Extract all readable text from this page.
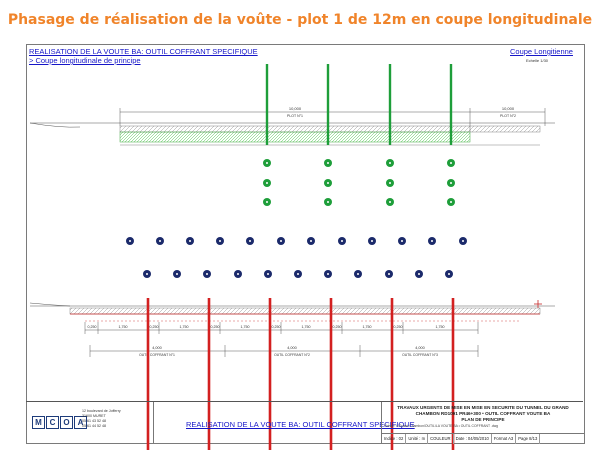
Phasage de réalisation de la voûte - plot 1 de 12m en coupe longitudinale
REALISATION DE LA VOUTE BA: OUTIL COFFRANT SPECIFIQUE
> Coupe longitudinale de principe
Coupe Longitienne
Echelle 1/30
10,000
PLOT N°1
10,000
PLOT N°2
0,250	1,750	0,250	1,750	0,250	1,750	0,250	1,750	0,250	1,750	0,250	1,750
4,000	4,000	4,000
OUTIL COFFRANT N°1	OUTIL COFFRANT N°2	OUTIL COFFRANT N°3
M C O	A
12 boulevard de Jofferry
31600 MURET
05 61 43 52 48
05 61 44 52 48	REALISATION DE LA VOUTE BA: OUTIL COFFRANT SPECIFIQUE
TRAVAUX URGENTS DE MISE EN MISE EN SECURITE DU TUNNEL DU GRAND
CHAMBON RD1091 PR46+300 • OUTIL COFFRANT VOUTE BA
PLAN DE PRINCIPE
Fichier: I:\Grand Chambon\OUTIL\LA VOUTE BA • OUTIL COFFRANT .dwg
Indice : 02	Unité : m	COULEUR	Date : 04/05/2010	Format A3	Page 8/13
